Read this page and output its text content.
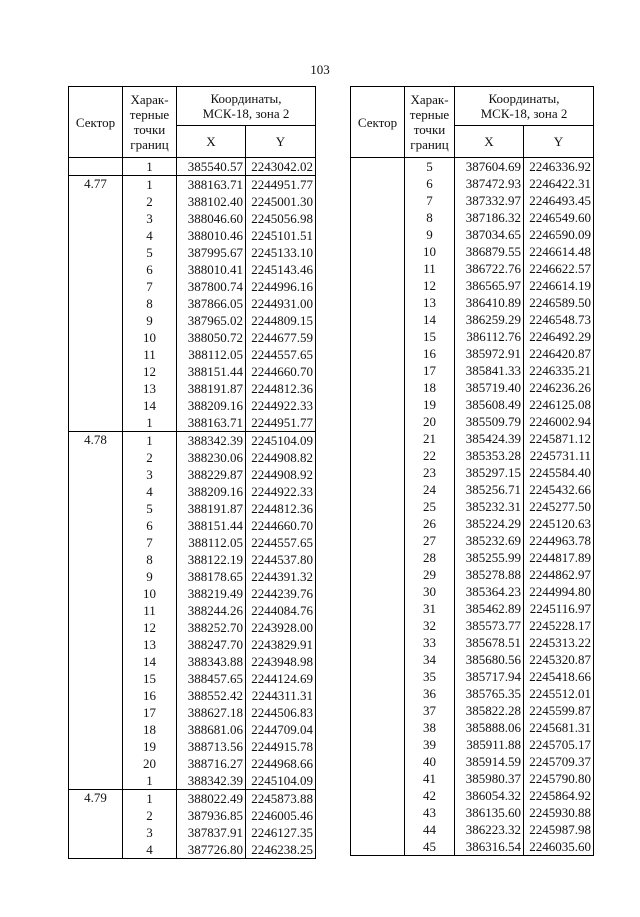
103
Сектор	Харак-
терные
точки
границ	Координаты,
МСК-18, зона 2	
		X	Y
	1	385540.57	2243042.02
4.77	1	388163.71	2244951.77
	2	388102.40	2245001.30
	3	388046.60	2245056.98
	4	388010.46	2245101.51
	5	387995.67	2245133.10
	6	388010.41	2245143.46
	7	387800.74	2244996.16
	8	387866.05	2244931.00
	9	387965.02	2244809.15
	10	388050.72	2244677.59
	11	388112.05	2244557.65
	12	388151.44	2244660.70
	13	388191.87	2244812.36
	14	388209.16	2244922.33
	1	388163.71	2244951.77
4.78	1	388342.39	2245104.09
	2	388230.06	2244908.82
	3	388229.87	2244908.92
	4	388209.16	2244922.33
	5	388191.87	2244812.36
	6	388151.44	2244660.70
	7	388112.05	2244557.65
	8	388122.19	2244537.80
	9	388178.65	2244391.32
	10	388219.49	2244239.76
	11	388244.26	2244084.76
	12	388252.70	2243928.00
	13	388247.70	2243829.91
	14	388343.88	2243948.98
	15	388457.65	2244124.69
	16	388552.42	2244311.31
	17	388627.18	2244506.83
	18	388681.06	2244709.04
	19	388713.56	2244915.78
	20	388716.27	2244968.66
	1	388342.39	2245104.09
4.79	1	388022.49	2245873.88
	2	387936.85	2246005.46
	3	387837.91	2246127.35
	4	387726.80	2246238.25
Сектор	Харак-
терные
точки
границ	Координаты,
МСК-18, зона 2	
		X	Y
	5	387604.69	2246336.92
	6	387472.93	2246422.31
	7	387332.97	2246493.45
	8	387186.32	2246549.60
	9	387034.65	2246590.09
	10	386879.55	2246614.48
	11	386722.76	2246622.57
	12	386565.97	2246614.19
	13	386410.89	2246589.50
	14	386259.29	2246548.73
	15	386112.76	2246492.29
	16	385972.91	2246420.87
	17	385841.33	2246335.21
	18	385719.40	2246236.26
	19	385608.49	2246125.08
	20	385509.79	2246002.94
	21	385424.39	2245871.12
	22	385353.28	2245731.11
	23	385297.15	2245584.40
	24	385256.71	2245432.66
	25	385232.31	2245277.50
	26	385224.29	2245120.63
	27	385232.69	2244963.78
	28	385255.99	2244817.89
	29	385278.88	2244862.97
	30	385364.23	2244994.80
	31	385462.89	2245116.97
	32	385573.77	2245228.17
	33	385678.51	2245313.22
	34	385680.56	2245320.87
	35	385717.94	2245418.66
	36	385765.35	2245512.01
	37	385822.28	2245599.87
	38	385888.06	2245681.31
	39	385911.88	2245705.17
	40	385914.59	2245709.37
	41	385980.37	2245790.80
	42	386054.32	2245864.92
	43	386135.60	2245930.88
	44	386223.32	2245987.98
	45	386316.54	2246035.60
